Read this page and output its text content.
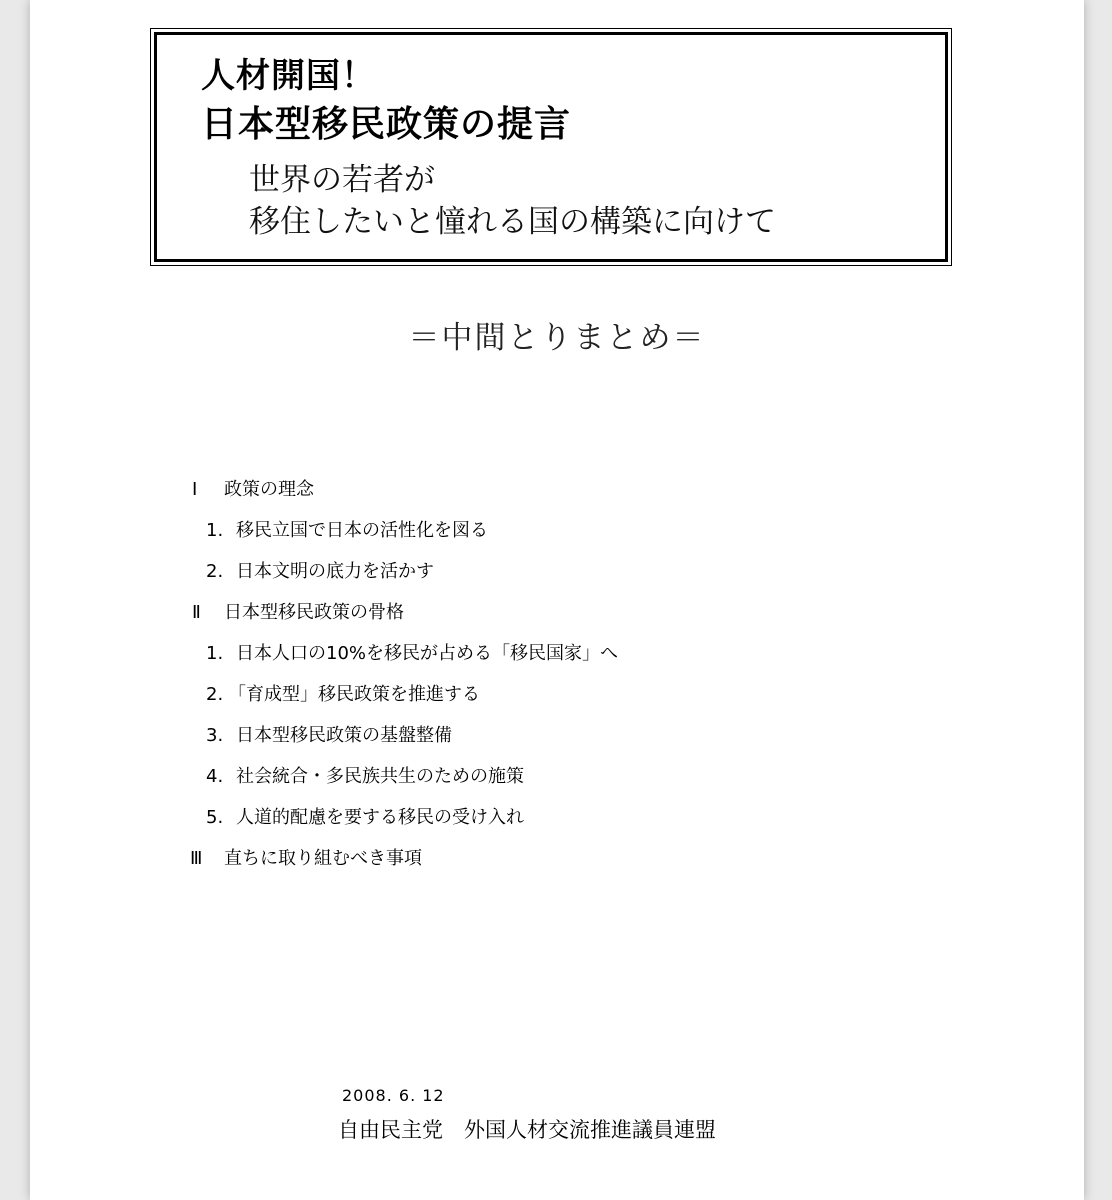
人材開国！
日本型移民政策の提言
世界の若者が
移住したいと憧れる国の構築に向けて
＝中間とりまとめ＝
Ⅰ 政策の理念
1. 移民立国で日本の活性化を図る
2. 日本文明の底力を活かす
Ⅱ 日本型移民政策の骨格
1. 日本人口の10%を移民が占める「移民国家」へ
2. 「育成型」移民政策を推進する
3. 日本型移民政策の基盤整備
4. 社会統合・多民族共生のための施策
5. 人道的配慮を要する移民の受け入れ
Ⅲ 直ちに取り組むべき事項
2008. 6. 12
自由民主党　外国人材交流推進議員連盟
